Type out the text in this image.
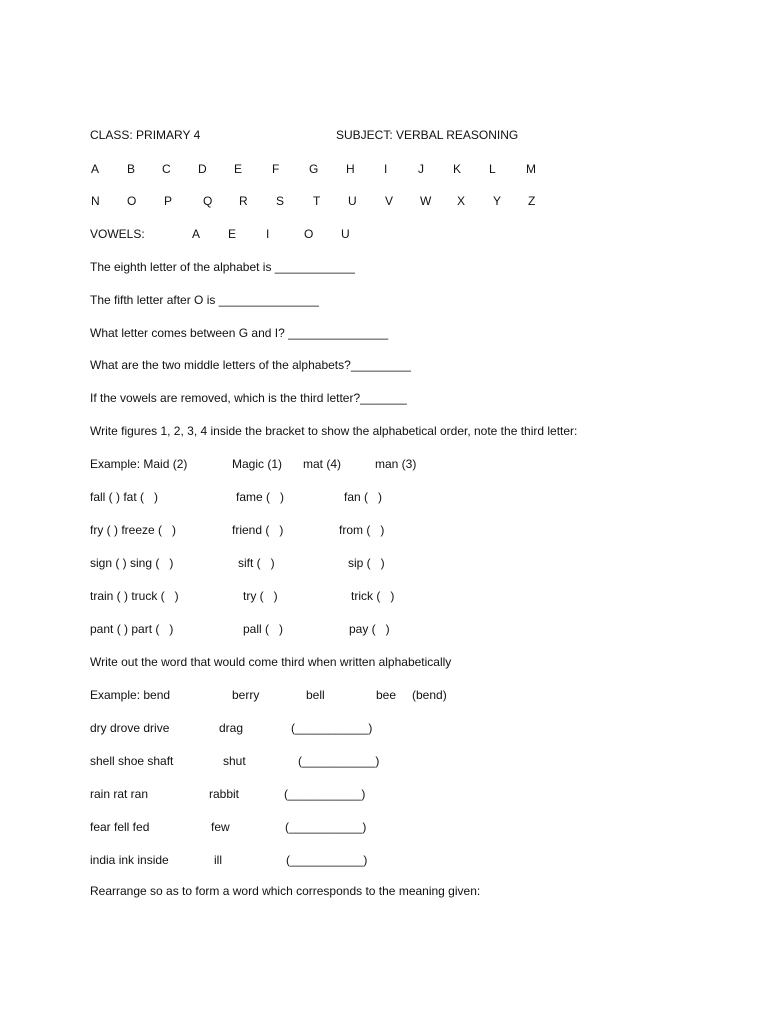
CLASS: PRIMARY 4	SUBJECT: VERBAL REASONING
A B C D E F G H I	J K L	M
N O P	Q R S T U V W X Y Z
VOWELS:	A E I	O U
The eighth letter of the alphabet is ____________
The fifth letter after O is _______________
What letter comes between G and I? _______________
What are the two middle letters of the alphabets?_________
If the vowels are removed, which is the third letter?_______
Write figures 1, 2, 3, 4 inside the bracket to show the alphabetical order, note the third letter:
Example: Maid (2)	Magic (1) mat (4)	man (3)
fall ( ) fat (   )	fame (   )	fan (   )
fry ( ) freeze (   )	friend (   )	from (   )
sign ( ) sing (   )	sift (   )	sip (   )
train ( ) truck (   )	try (   )	trick (   )
pant ( ) part (   )	pall (   )	pay (   )
Write out the word that would come third when written alphabetically
Example: bend	berry	bell	bee (bend)
dry drove drive	drag	(___________)
shell shoe shaft	shut	(___________)
rain rat ran	rabbit	(___________)
fear fell fed	few	(___________)
india ink inside	ill	(___________)
Rearrange so as to form a word which corresponds to the meaning given:
